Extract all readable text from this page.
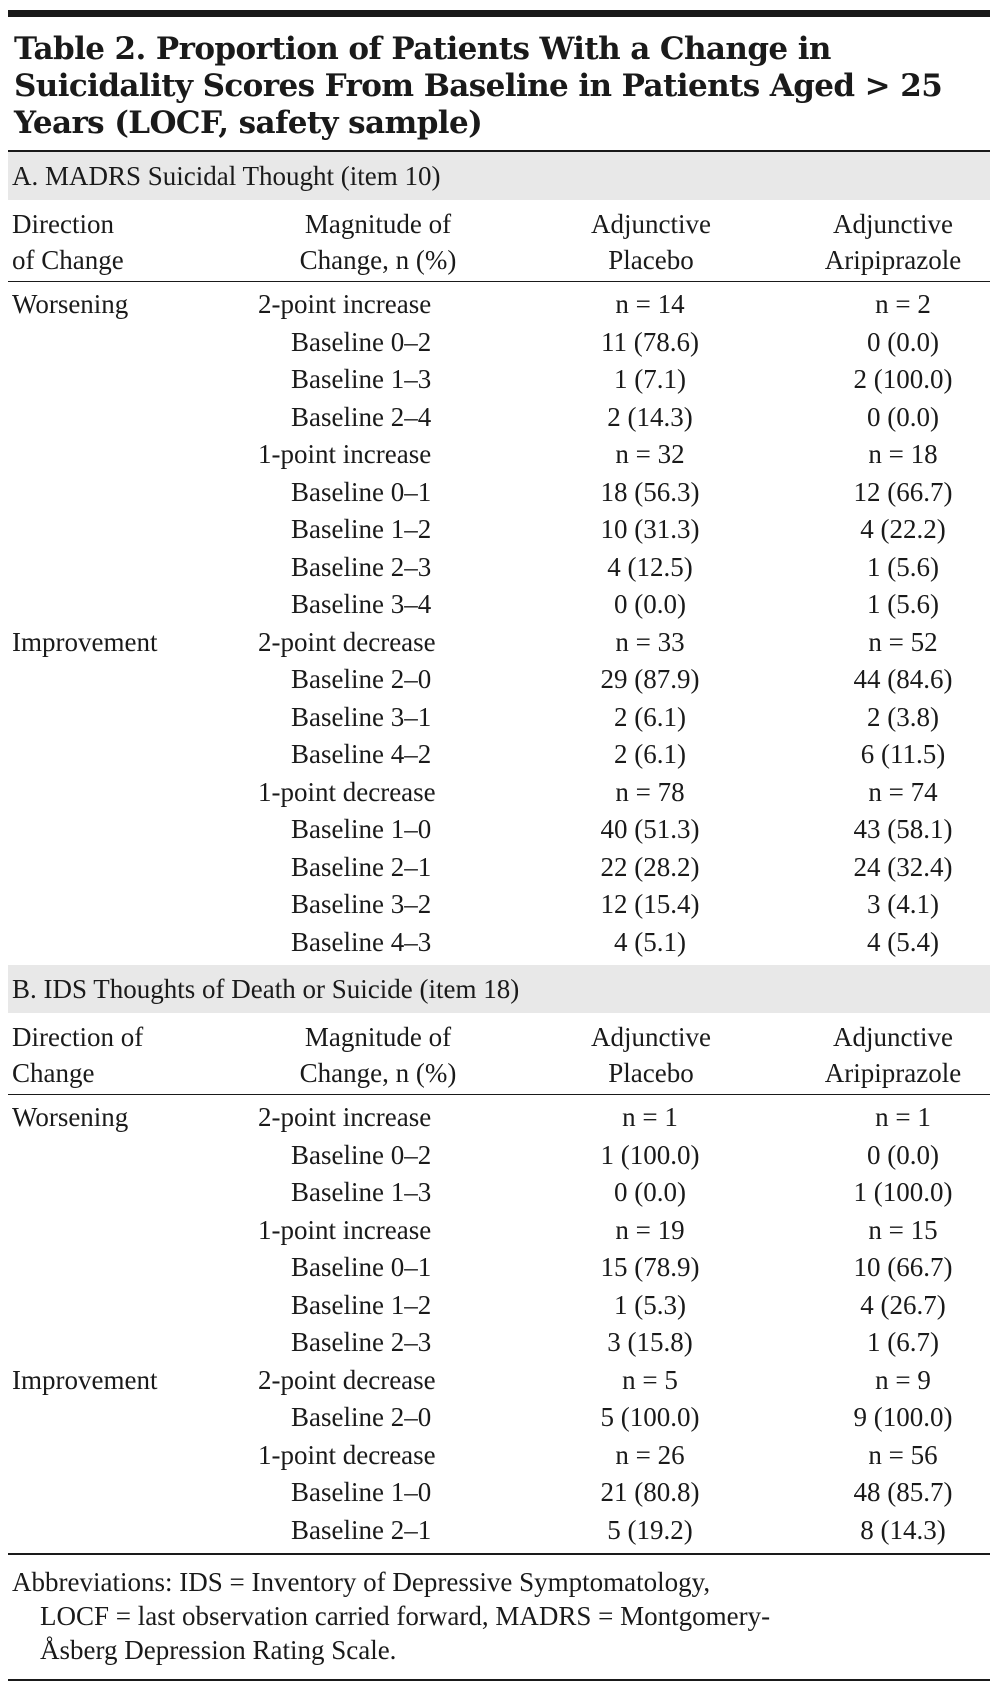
Table 2. Proportion of Patients With a Change in Suicidality Scores From Baseline in Patients Aged > 25 Years (LOCF, safety sample)
A. MADRS Suicidal Thought (item 10)
Direction
of Change
Magnitude of
Change, n (%)
Adjunctive
Placebo
Adjunctive
Aripiprazole
Worsening	2-point increase	n = 14	n = 2
Baseline 0–2	11 (78.6)	0 (0.0)
Baseline 1–3	1 (7.1)	2 (100.0)
Baseline 2–4	2 (14.3)	0 (0.0)
1-point increase	n = 32	n = 18
Baseline 0–1	18 (56.3)	12 (66.7)
Baseline 1–2	10 (31.3)	4 (22.2)
Baseline 2–3	4 (12.5)	1 (5.6)
Baseline 3–4	0 (0.0)	1 (5.6)
Improvement	2-point decrease	n = 33	n = 52
Baseline 2–0	29 (87.9)	44 (84.6)
Baseline 3–1	2 (6.1)	2 (3.8)
Baseline 4–2	2 (6.1)	6 (11.5)
1-point decrease	n = 78	n = 74
Baseline 1–0	40 (51.3)	43 (58.1)
Baseline 2–1	22 (28.2)	24 (32.4)
Baseline 3–2	12 (15.4)	3 (4.1)
Baseline 4–3	4 (5.1)	4 (5.4)
B. IDS Thoughts of Death or Suicide (item 18)
Direction of
Change
Magnitude of
Change, n (%)
Adjunctive
Placebo
Adjunctive
Aripiprazole
Worsening	2-point increase	n = 1	n = 1
Baseline 0–2	1 (100.0)	0 (0.0)
Baseline 1–3	0 (0.0)	1 (100.0)
1-point increase	n = 19	n = 15
Baseline 0–1	15 (78.9)	10 (66.7)
Baseline 1–2	1 (5.3)	4 (26.7)
Baseline 2–3	3 (15.8)	1 (6.7)
Improvement	2-point decrease	n = 5	n = 9
Baseline 2–0	5 (100.0)	9 (100.0)
1-point decrease	n = 26	n = 56
Baseline 1–0	21 (80.8)	48 (85.7)
Baseline 2–1	5 (19.2)	8 (14.3)
Abbreviations: IDS = Inventory of Depressive Symptomatology,
LOCF = last observation carried forward, MADRS = Montgomery-
Åsberg Depression Rating Scale.
